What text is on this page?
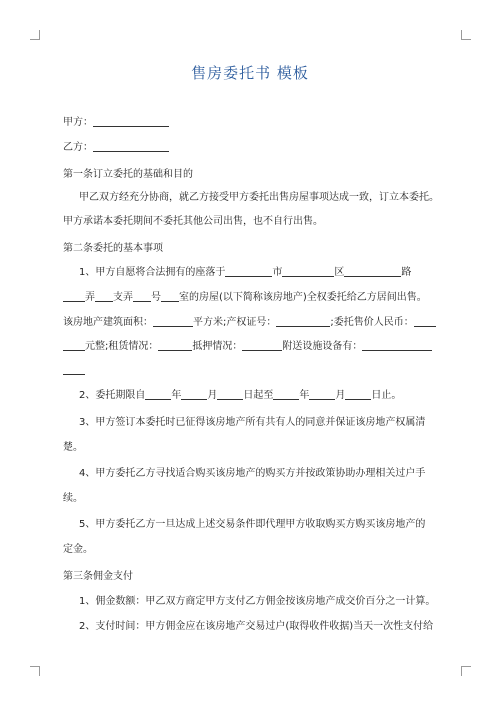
售房委托书 模板
甲方：
乙方：
第一条订立委托的基础和目的
甲乙双方经充分协商，就乙方接受甲方委托出售房屋事项达成一致，订立本委托。
甲方承诺本委托期间不委托其他公司出售，也不自行出售。
第二条委托的基本事项
1、甲方自愿将合法拥有的座落于	市	区	路
弄 支弄 号 室的房屋(以下简称该房地产)全权委托给乙方居间出售。
该房地产建筑面积：	平方米;产权证号：	;委托售价人民币：
元整;租赁情况：	抵押情况：	附送设施设备有：
2、委托期限自	年	月	日起至	年	月	日止。
3、甲方签订本委托时已征得该房地产所有共有人的同意并保证该房地产权属清
楚。
4、甲方委托乙方寻找适合购买该房地产的购买方并按政策协助办理相关过户手
续。
5、甲方委托乙方一旦达成上述交易条件即代理甲方收取购买方购买该房地产的
定金。
第三条佣金支付
1、佣金数额：甲乙双方商定甲方支付乙方佣金按该房地产成交价百分之一计算。
2、支付时间：甲方佣金应在该房地产交易过户(取得收件收据)当天一次性支付给
